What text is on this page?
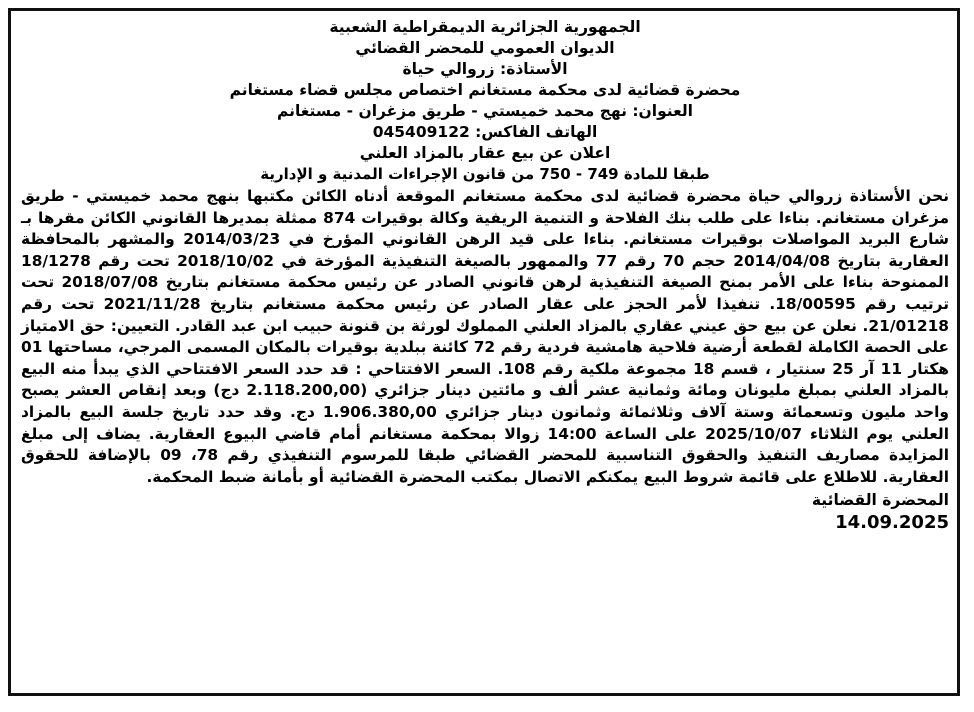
الجمهورية الجزائرية الديمقراطية الشعبية
الديوان العمومي للمحضر القضائي
الأستاذة: زروالي حياة
محضرة قضائية لدى محكمة مستغانم اختصاص مجلس قضاء مستغانم
العنوان: نهج محمد خميستي - طريق مزغران - مستغانم
الهاتف الفاكس: 045409122
اعلان عن بيع عقار بالمزاد العلني
طبقا للمادة 749 - 750 من قانون الإجراءات المدنية و الإدارية

نحن الأستاذة زروالي حياة محضرة قضائية لدى محكمة مستغانم الموقعة أدناه الكائن مكتبها بنهج محمد خميستي - طريق مزغران مستغانم. بناءا على طلب بنك الفلاحة و التنمية الريفية وكالة بوقيرات 874 ممثلة بمديرها القانوني الكائن مقرها بـ شارع البريد المواصلات بوقيرات مستغانم. بناءا على قيد الرهن القانوني المؤرخ في 2014/03/23 والمشهر بالمحافظة العقارية بتاريخ 2014/04/08 حجم 70 رقم 77 والممهور بالصيغة التنفيذية المؤرخة في 2018/10/02 تحت رقم 18/1278 الممنوحة بناءا على الأمر بمنح الصيغة التنفيذية لرهن قانوني الصادر عن رئيس محكمة مستغانم بتاريخ 2018/07/08 تحت ترتيب رقم 18/00595. تنفيذا لأمر الحجز على عقار الصادر عن رئيس محكمة مستغانم بتاريخ 2021/11/28 تحت رقم 21/01218. نعلن عن بيع حق عيني عقاري بالمزاد العلني المملوك لورثة بن قنونة حبيب ابن عبد القادر. التعيين: حق الامتياز على الحصة الكاملة لقطعة أرضية فلاحية هامشية فردية رقم 72 كائنة ببلدية بوقيرات بالمكان المسمى المرجي، مساحتها 01 هكتار 11 آر 25 سنتيار ، قسم 18 مجموعة ملكية رقم 108. السعر الافتتاحي : قد حدد السعر الافتتاحي الذي يبدأ منه البيع بالمزاد العلني بمبلغ مليونان ومائة وثمانية عشر ألف و مائتين دينار جزائري (2.118.200,00 دج) وبعد إنقاص العشر يصبح واحد مليون وتسعمائة وستة آلاف وثلاثمائة وثمانون دينار جزائري 1.906.380,00 دج. وقد حدد تاريخ جلسة البيع بالمزاد العلني يوم الثلاثاء 2025/10/07 على الساعة 14:00 زوالا بمحكمة مستغانم أمام قاضي البيوع العقارية. يضاف إلى مبلغ المزايدة مصاريف التنفيذ والحقوق التناسبية للمحضر القضائي طبقا للمرسوم التنفيذي رقم 78، 09 بالإضافة للحقوق العقارية. للاطلاع على قائمة شروط البيع يمكنكم الاتصال بمكتب المحضرة القضائية أو بأمانة ضبط المحكمة.

المحضرة القضائية
14.09.2025
